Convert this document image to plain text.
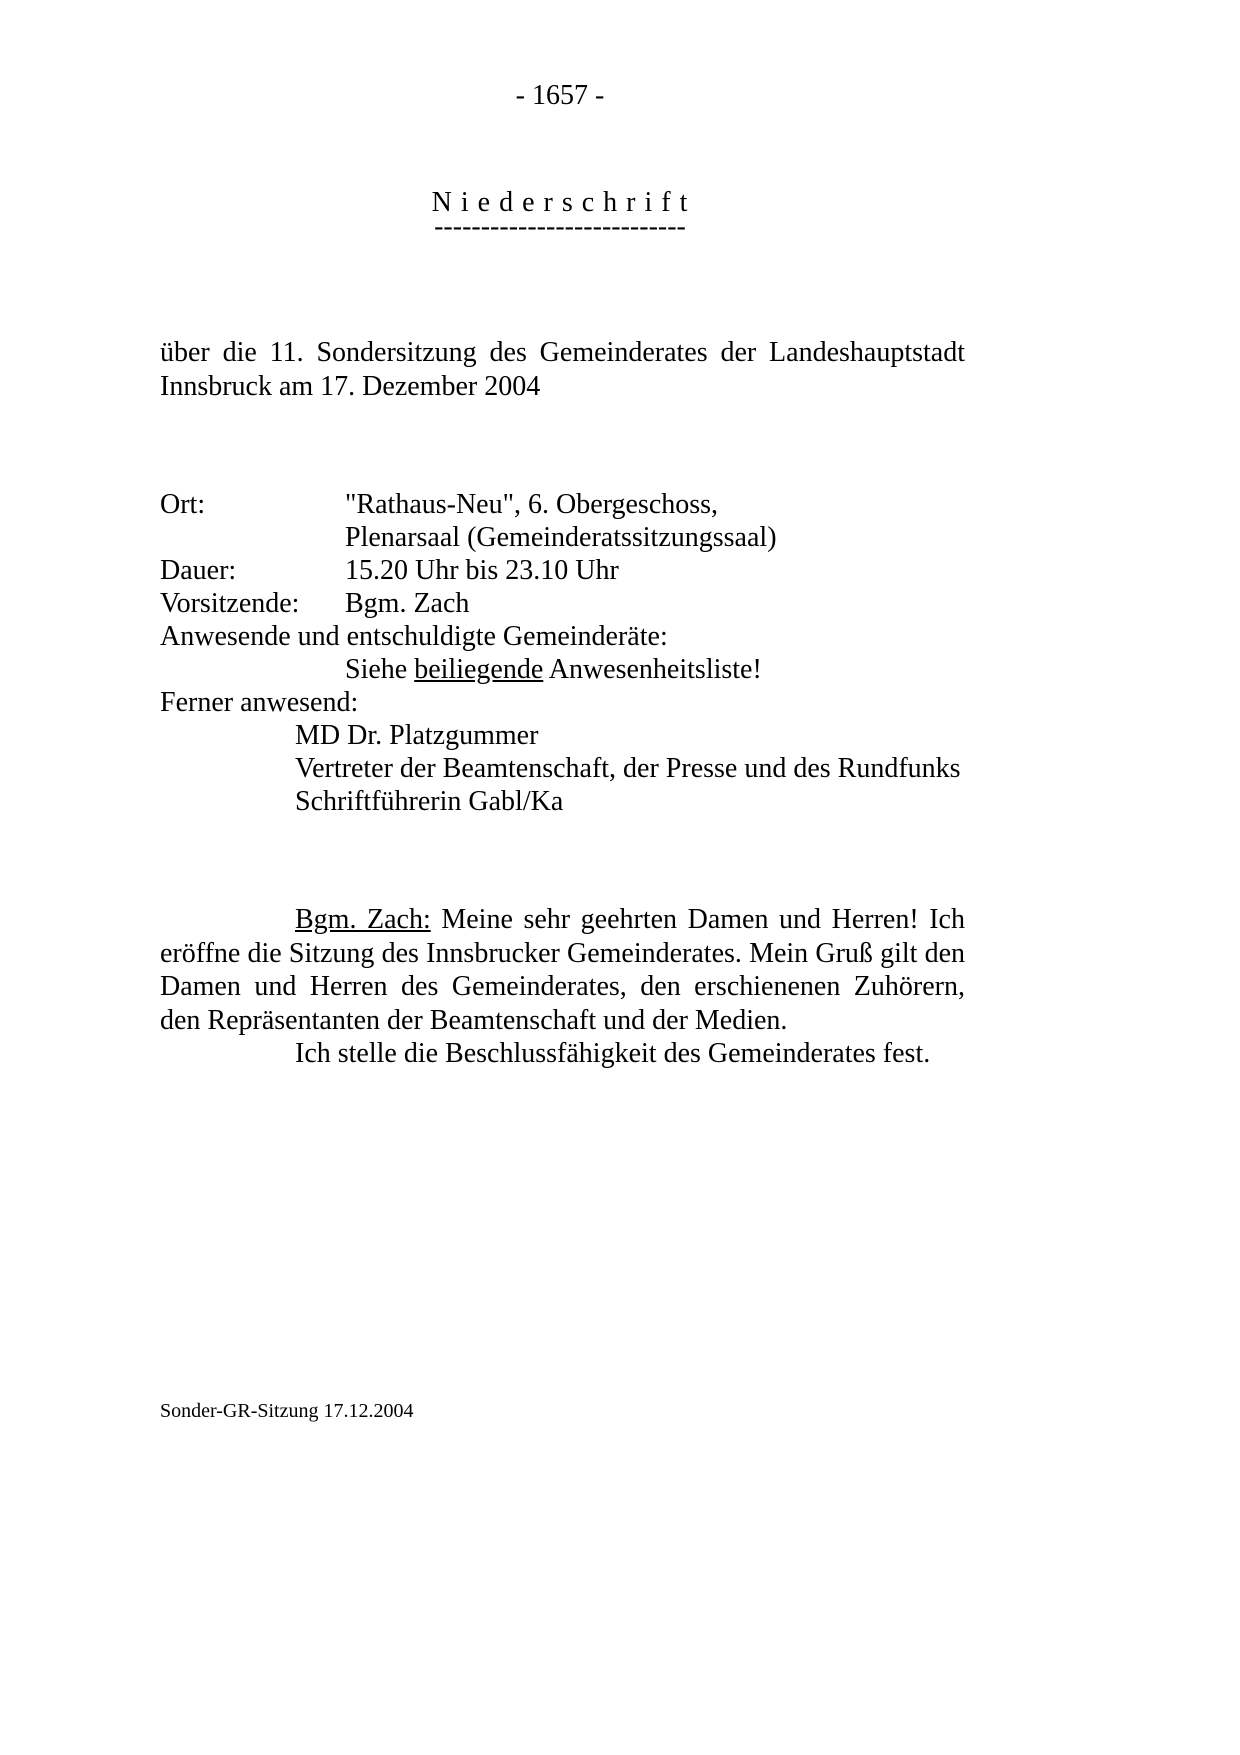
- 1657 -
N i e d e r s c h r i f t
---------------------------
über die 11. Sondersitzung des Gemeinderates der Landeshauptstadt Innsbruck am 17. Dezember 2004
Ort:	"Rathaus-Neu", 6. Obergeschoss,
Plenarsaal (Gemeinderatssitzungssaal)
Dauer:	15.20 Uhr bis 23.10 Uhr
Vorsitzende: Bgm. Zach
Anwesende und entschuldigte Gemeinderäte:
Siehe beiliegende Anwesenheitsliste!
Ferner anwesend:
MD Dr. Platzgummer
Vertreter der Beamtenschaft, der Presse und des Rundfunks
Schriftführerin Gabl/Ka

Bgm. Zach: Meine sehr geehrten Damen und Herren! Ich eröffne die Sitzung des Innsbrucker Gemeinderates. Mein Gruß gilt den Damen und Herren des Gemeinderates, den erschienenen Zuhörern, den Repräsentanten der Beamtenschaft und der Medien.

Ich stelle die Beschlussfähigkeit des Gemeinderates fest.

Sonder-GR-Sitzung 17.12.2004
